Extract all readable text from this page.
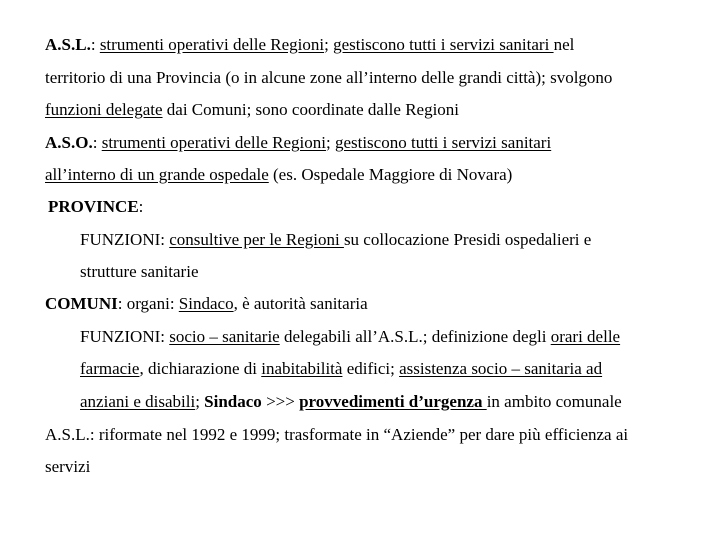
A.S.L.: strumenti operativi delle Regioni; gestiscono tutti i servizi sanitari nel
territorio di una Provincia (o in alcune zone all’interno delle grandi città); svolgono
funzioni delegate dai Comuni; sono coordinate dalle Regioni
A.S.O.: strumenti operativi delle Regioni; gestiscono tutti i servizi sanitari
all’interno di un grande ospedale (es. Ospedale Maggiore di Novara)
PROVINCE:
FUNZIONI: consultive per le Regioni su collocazione Presidi ospedalieri e
strutture sanitarie
COMUNI: organi: Sindaco, è autorità sanitaria
FUNZIONI: socio – sanitarie delegabili all’A.S.L.; definizione degli orari delle
farmacie, dichiarazione di inabitabilità edifici; assistenza socio – sanitaria ad
anziani e disabili; Sindaco >>> provvedimenti d’urgenza in ambito comunale
A.S.L.: riformate nel 1992 e 1999; trasformate in “Aziende” per dare più efficienza ai
servizi
